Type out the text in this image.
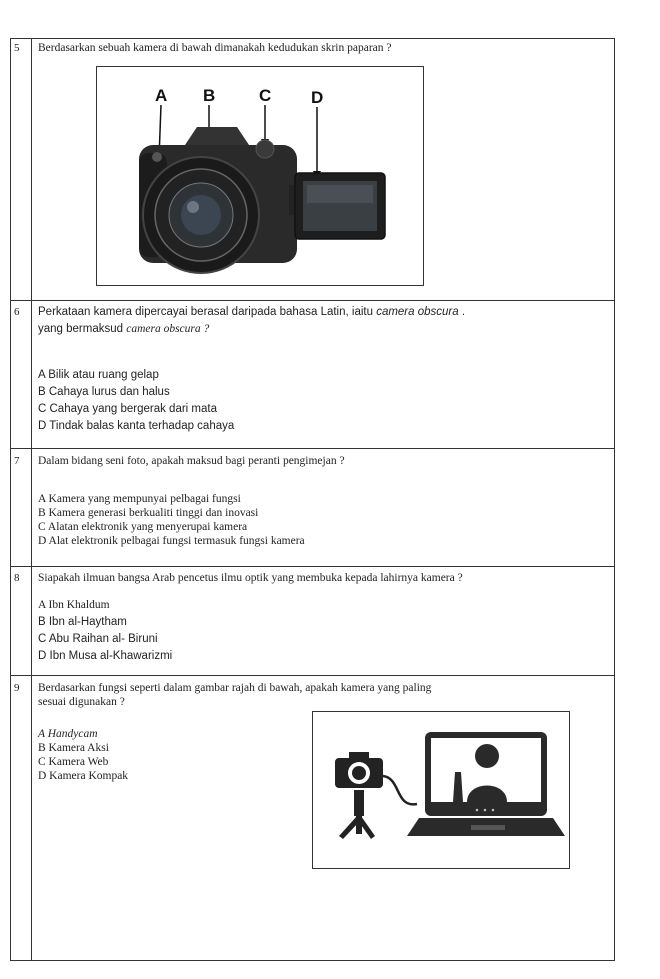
5 Berdasarkan sebuah kamera di bawah dimanakah kedudukan skrin paparan ?
A B	C D
6 Perkataan kamera dipercayai berasal daripada bahasa Latin, iaitu camera obscura .
yang bermaksud camera obscura ?
A Bilik atau ruang gelap
B Cahaya lurus dan halus
C Cahaya yang bergerak dari mata
D Tindak balas kanta terhadap cahaya
7 Dalam bidang seni foto, apakah maksud bagi peranti pengimejan ?
A Kamera yang mempunyai pelbagai fungsi
B Kamera generasi berkualiti tinggi dan inovasi
C Alatan elektronik yang menyerupai kamera
D Alat elektronik pelbagai fungsi termasuk fungsi kamera
8 Siapakah ilmuan bangsa Arab pencetus ilmu optik yang membuka kepada lahirnya kamera ?
A Ibn Khaldum
B Ibn al-Haytham
C Abu Raihan al- Biruni
D Ibn Musa al-Khawarizmi
9 Berdasarkan fungsi seperti dalam gambar rajah di bawah, apakah kamera yang paling
sesuai digunakan ?
A Handycam
B Kamera Aksi
C Kamera Web
D Kamera Kompak
